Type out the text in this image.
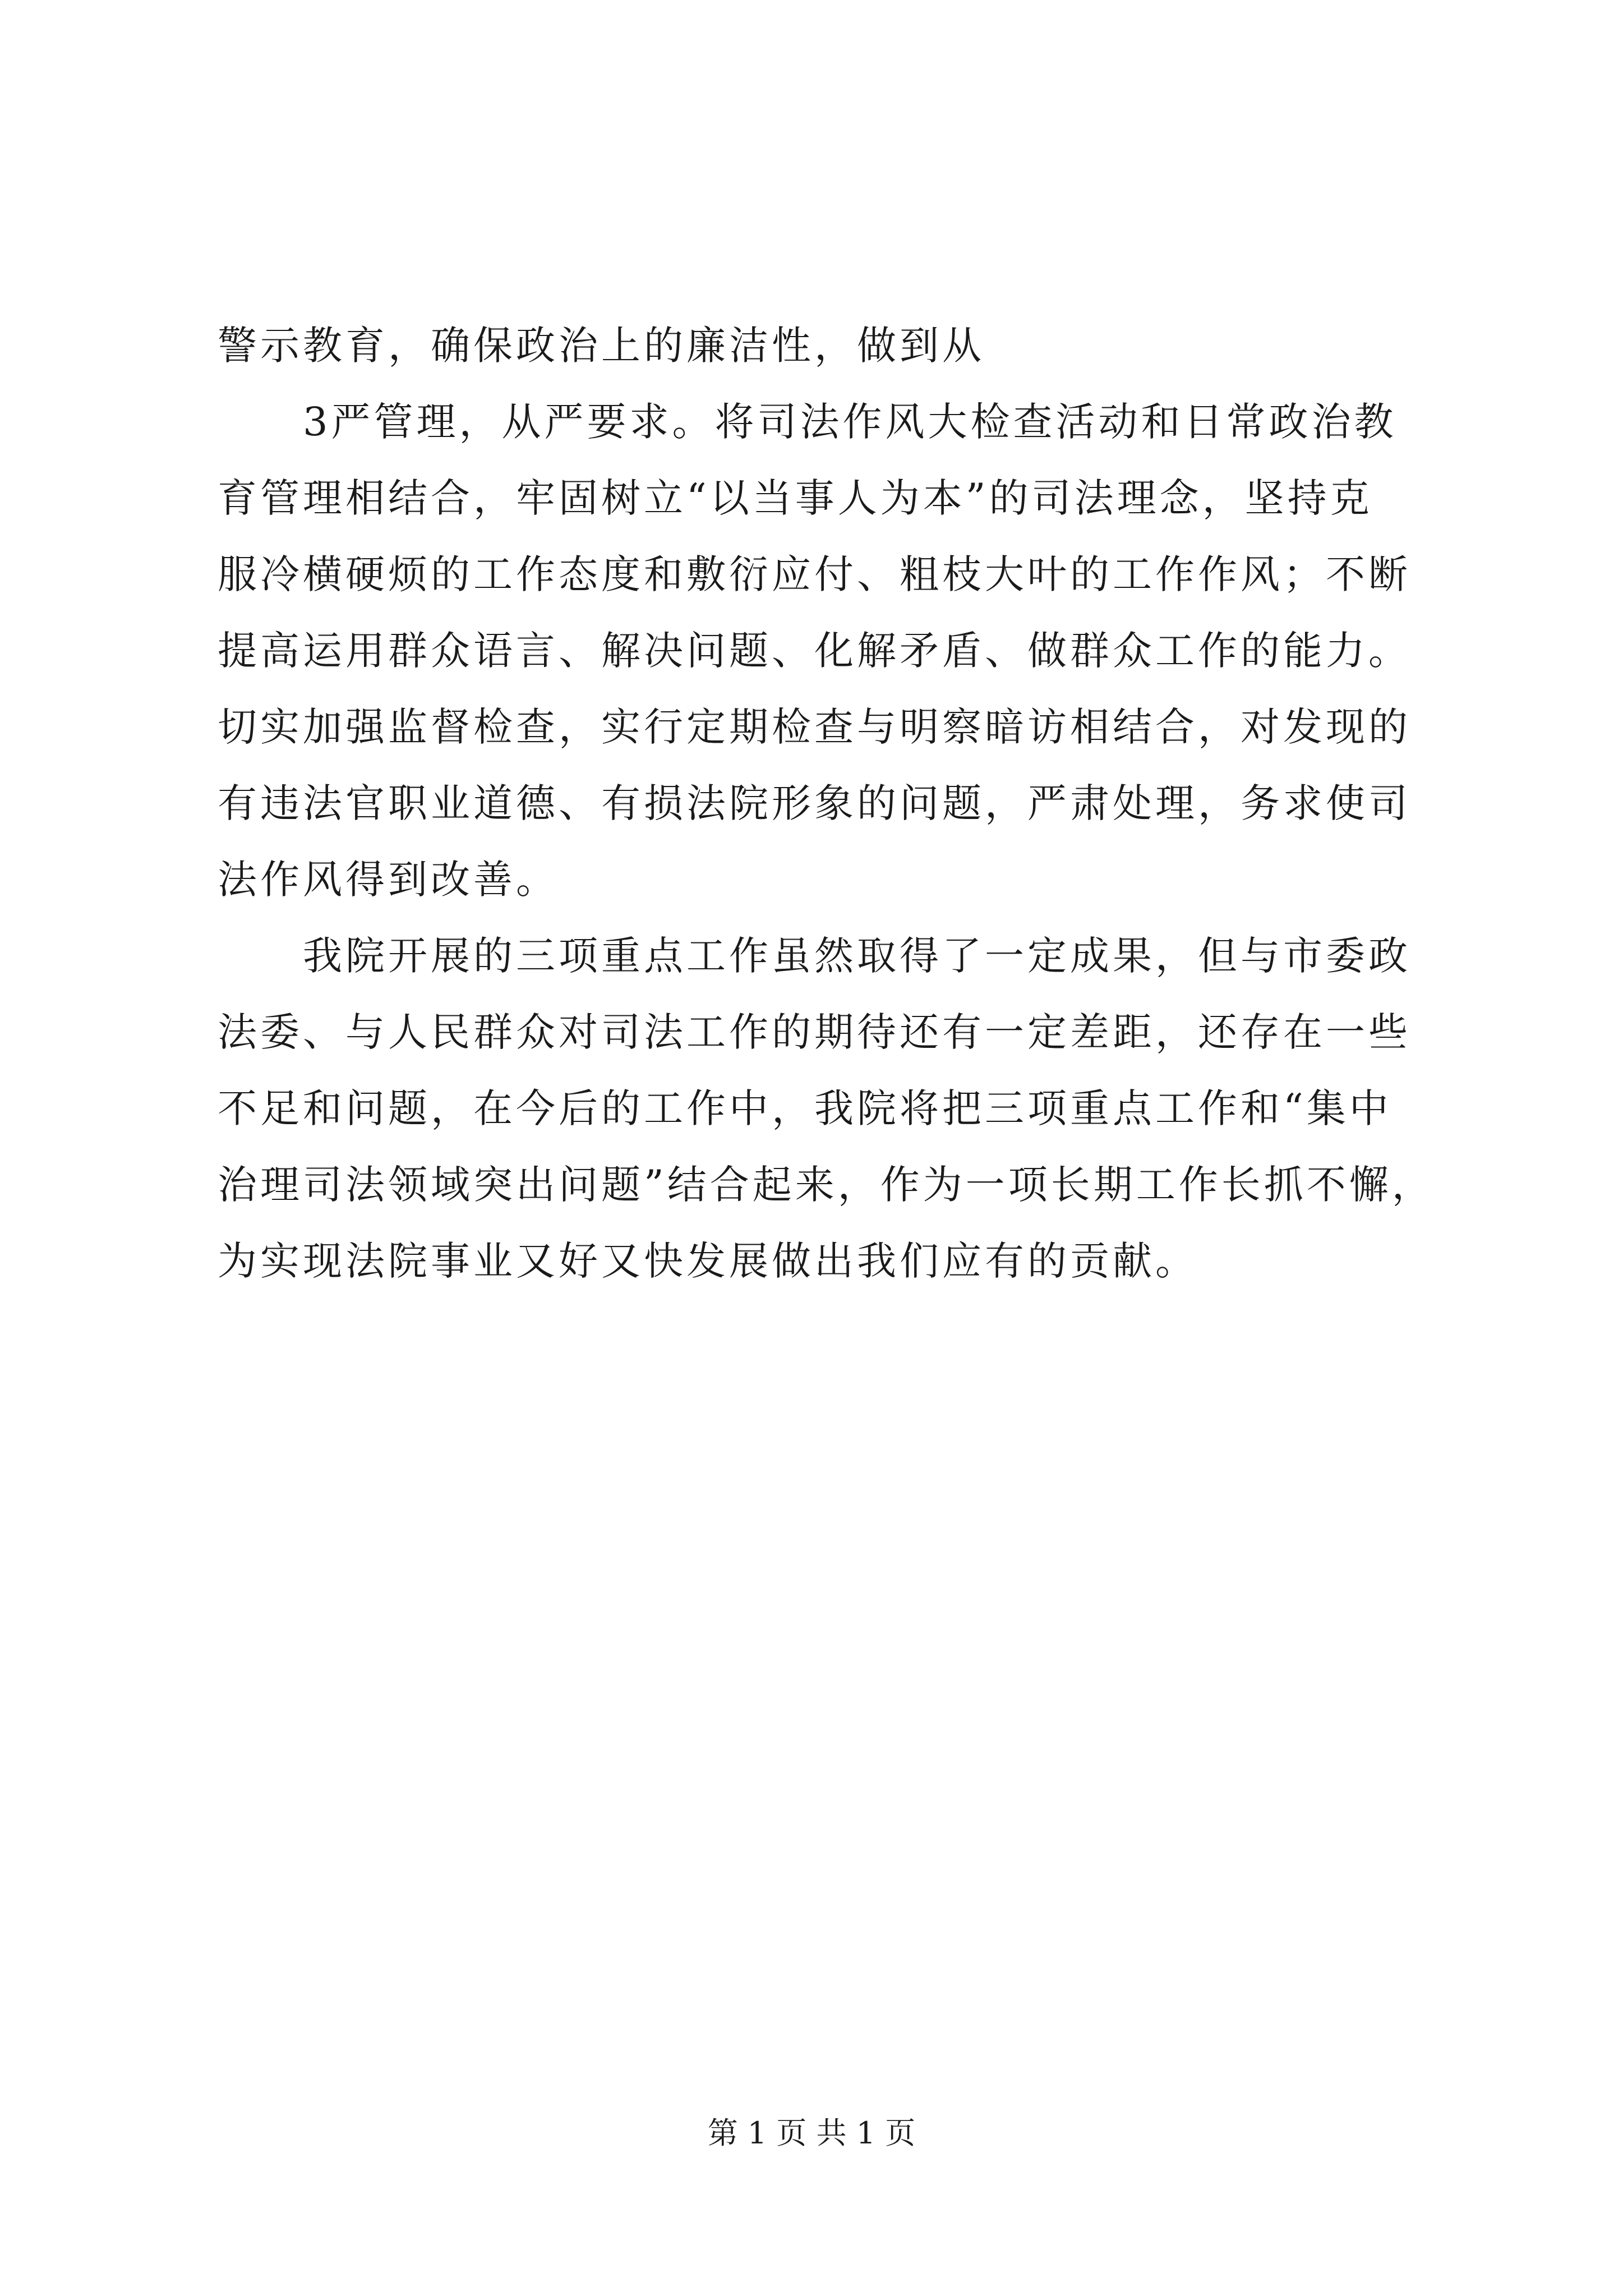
警示教育，确保政治上的廉洁性，做到从
3严管理，从严要求。将司法作风大检查活动和日常政治教
育管理相结合，牢固树立“以当事人为本”的司法理念，坚持克
服冷横硬烦的工作态度和敷衍应付、粗枝大叶的工作作风；不断
提高运用群众语言、解决问题、化解矛盾、做群众工作的能力。
切实加强监督检查，实行定期检查与明察暗访相结合，对发现的
有违法官职业道德、有损法院形象的问题，严肃处理，务求使司
法作风得到改善。
我院开展的三项重点工作虽然取得了一定成果，但与市委政
法委、与人民群众对司法工作的期待还有一定差距，还存在一些
不足和问题，在今后的工作中，我院将把三项重点工作和“集中
治理司法领域突出问题”结合起来，作为一项长期工作长抓不懈，
为实现法院事业又好又快发展做出我们应有的贡献。
第 1 页 共 1 页
